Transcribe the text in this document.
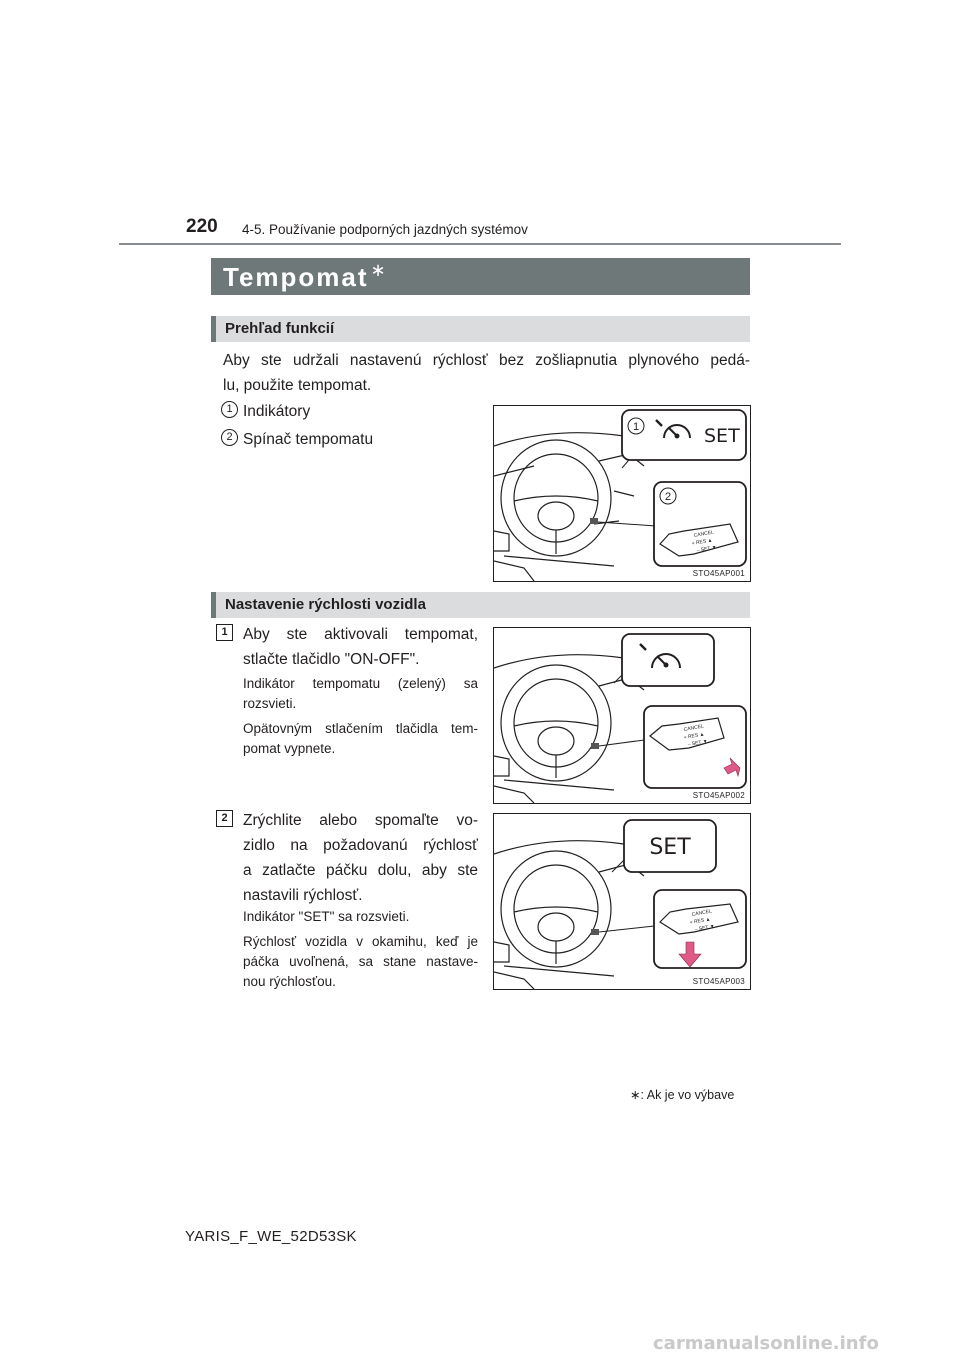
220 4-5. Používanie podporných jazdných systémov
Tempomat ∗
Prehľad funkcií
Aby ste udržali nastavenú rýchlosť bez zošliapnutia plynového pedá-
lu, použite tempomat.
1 Indikátory
2 Spínač tempomatu
1	SET
2
CANCEL
+ RES ▲
– SET ▼
STO45AP001
Nastavenie rýchlosti vozidla
1 Aby ste aktivovali tempomat,
stlačte tlačidlo "ON-OFF".
Indikátor tempomatu (zelený) sa
rozsvieti.
Opätovným stlačením tlačidla tem-
pomat vypnete.
CANCEL
+ RES ▲
– SET ▼
STO45AP002
2 Zrýchlite alebo spomaľte vo-
zidlo na požadovanú rýchlosť
a zatlačte páčku dolu, aby ste
nastavili rýchlosť.
Indikátor "SET" sa rozsvieti.
Rýchlosť vozidla v okamihu, keď je
páčka uvoľnená, sa stane nastave-
nou rýchlosťou.
SET
CANCEL
+ RES ▲
– SET ▼
STO45AP003
∗: Ak je vo výbave
YARIS_F_WE_52D53SK
carmanualsonline.info
